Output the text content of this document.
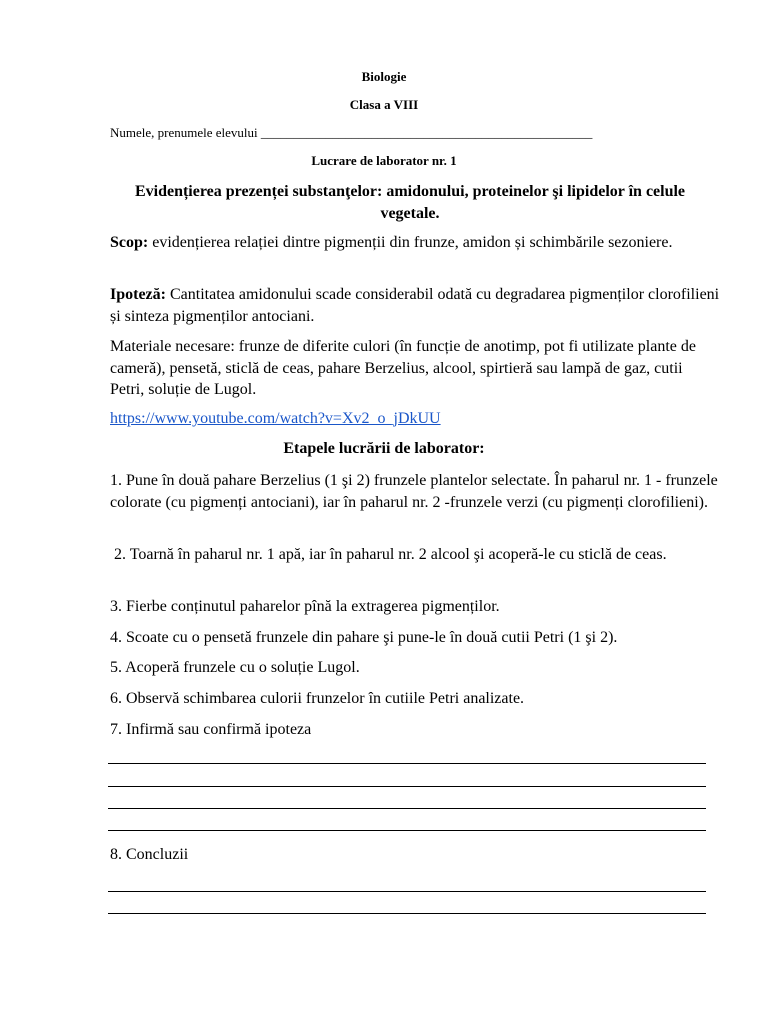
Biologie
Clasa a VIII
Numele, prenumele elevului ___________________________________________________
Lucrare de laborator nr. 1
Evidențierea prezenței substanţelor: amidonului, proteinelor şi lipidelor în celule vegetale.
Scop: evidențierea relației dintre pigmenții din frunze, amidon și schimbările sezoniere.
Ipoteză: Cantitatea amidonului scade considerabil odată cu degradarea pigmenților clorofilieni și sinteza pigmenților antociani.
Materiale necesare: frunze de diferite culori (în funcție de anotimp, pot fi utilizate plante de cameră), pensetă, sticlă de ceas, pahare Berzelius, alcool, spirtieră sau lampă de gaz, cutii Petri, soluție de Lugol.
https://www.youtube.com/watch?v=Xv2_o_jDkUU
Etapele lucrării de laborator:
1. Pune în două pahare Berzelius (1 şi 2) frunzele plantelor selectate. În paharul nr. 1 - frunzele colorate (cu pigmenți antociani), iar în paharul nr. 2 -frunzele verzi (cu pigmenți clorofilieni).
2. Toarnă în paharul nr. 1 apă, iar în paharul nr. 2 alcool şi acoperă-le cu sticlă de ceas.
3. Fierbe conținutul paharelor pînă la extragerea pigmenților.
4. Scoate cu o pensetă frunzele din pahare şi pune-le în două cutii Petri (1 şi 2).
5. Acoperă frunzele cu o soluție Lugol.
6. Observă schimbarea culorii frunzelor în cutiile Petri analizate.
7. Infirmă sau confirmă ipoteza
8. Concluzii
